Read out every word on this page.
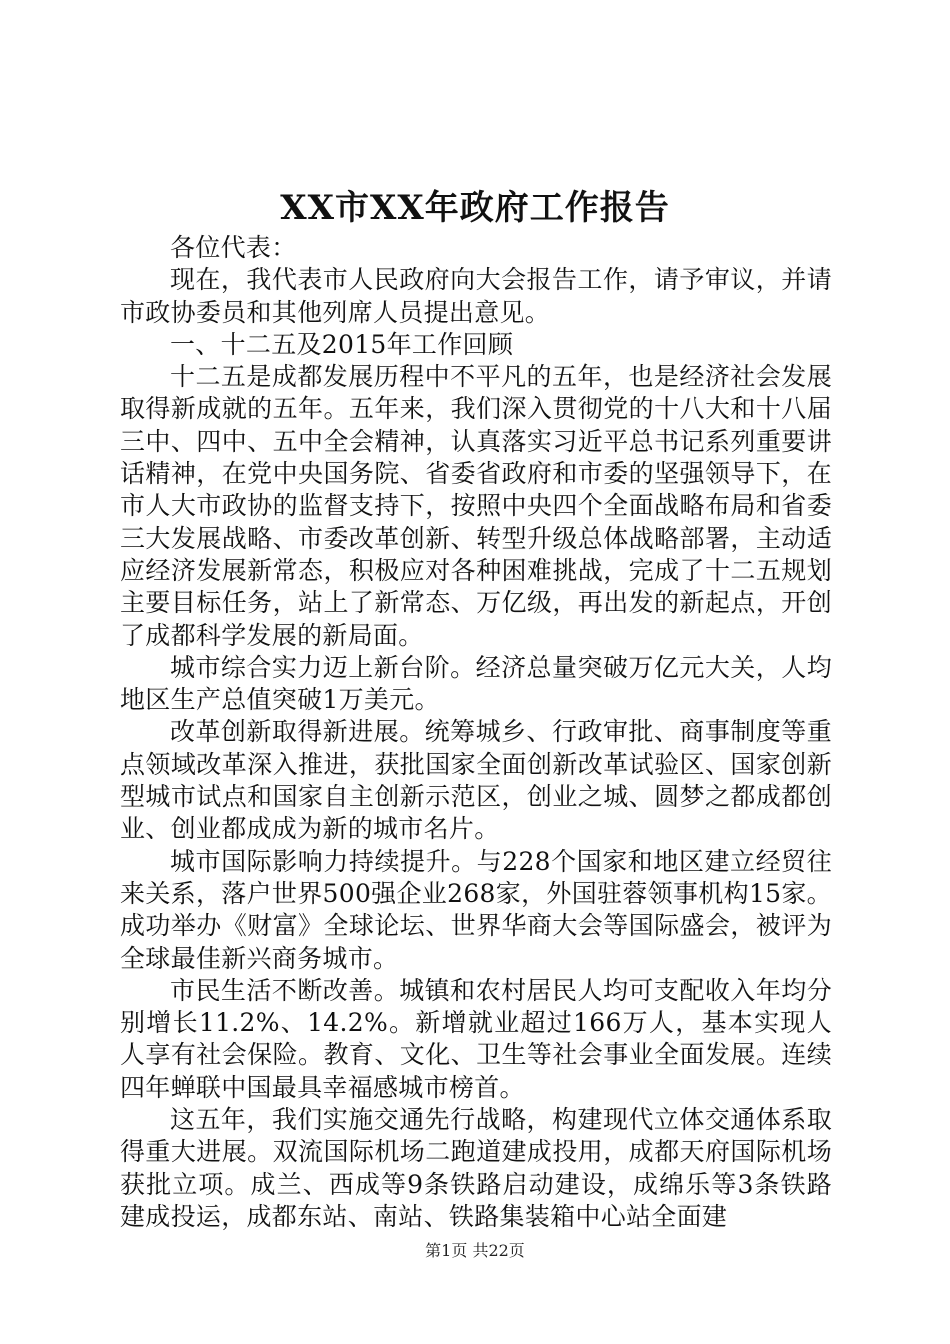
XX市XX年政府工作报告

各位代表：

现在，我代表市人民政府向大会报告工作，请予审议，并请市政协委员和其他列席人员提出意见。

一、十二五及2015年工作回顾

十二五是成都发展历程中不平凡的五年，也是经济社会发展取得新成就的五年。五年来，我们深入贯彻党的十八大和十八届三中、四中、五中全会精神，认真落实习近平总书记系列重要讲话精神，在党中央国务院、省委省政府和市委的坚强领导下，在市人大市政协的监督支持下，按照中央四个全面战略布局和省委三大发展战略、市委改革创新、转型升级总体战略部署，主动适应经济发展新常态，积极应对各种困难挑战，完成了十二五规划主要目标任务，站上了新常态、万亿级，再出发的新起点，开创了成都科学发展的新局面。

城市综合实力迈上新台阶。经济总量突破万亿元大关，人均地区生产总值突破1万美元。

改革创新取得新进展。统筹城乡、行政审批、商事制度等重点领域改革深入推进，获批国家全面创新改革试验区、国家创新型城市试点和国家自主创新示范区，创业之城、圆梦之都成都创业、创业都成成为新的城市名片。

城市国际影响力持续提升。与228个国家和地区建立经贸往来关系，落户世界500强企业268家，外国驻蓉领事机构15家。成功举办《财富》全球论坛、世界华商大会等国际盛会，被评为全球最佳新兴商务城市。

市民生活不断改善。城镇和农村居民人均可支配收入年均分别增长11.2%、14.2%。新增就业超过166万人，基本实现人人享有社会保险。教育、文化、卫生等社会事业全面发展。连续四年蝉联中国最具幸福感城市榜首。

这五年，我们实施交通先行战略，构建现代立体交通体系取得重大进展。双流国际机场二跑道建成投用，成都天府国际机场获批立项。成兰、西成等9条铁路启动建设，成绵乐等3条铁路建成投运，成都东站、南站、铁路集装箱中心站全面建

第1页 共22页
